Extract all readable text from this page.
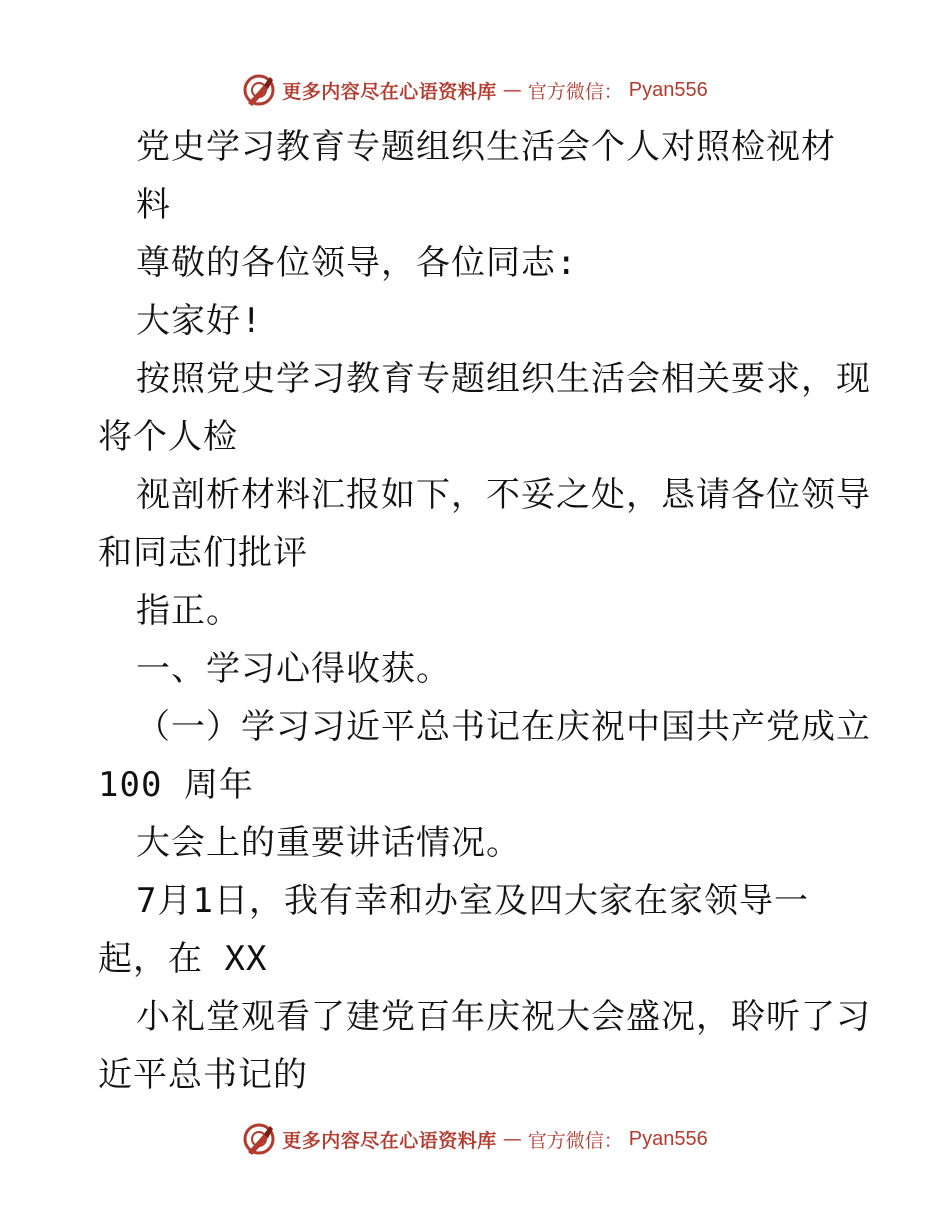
更多内容尽在心语资料库 — 官方微信： Pyan556
党史学习教育专题组织生活会个人对照检视材
料
尊敬的各位领导，各位同志:
大家好!
按照党史学习教育专题组织生活会相关要求，现
将个人检
视剖析材料汇报如下，不妥之处，恳请各位领导
和同志们批评
指正。
一、学习心得收获。
（一）学习习近平总书记在庆祝中国共产党成立
100 周年
大会上的重要讲话情况。
7月1日，我有幸和办室及四大家在家领导一
起，在 XX
小礼堂观看了建党百年庆祝大会盛况，聆听了习
近平总书记的
更多内容尽在心语资料库 — 官方微信： Pyan556
